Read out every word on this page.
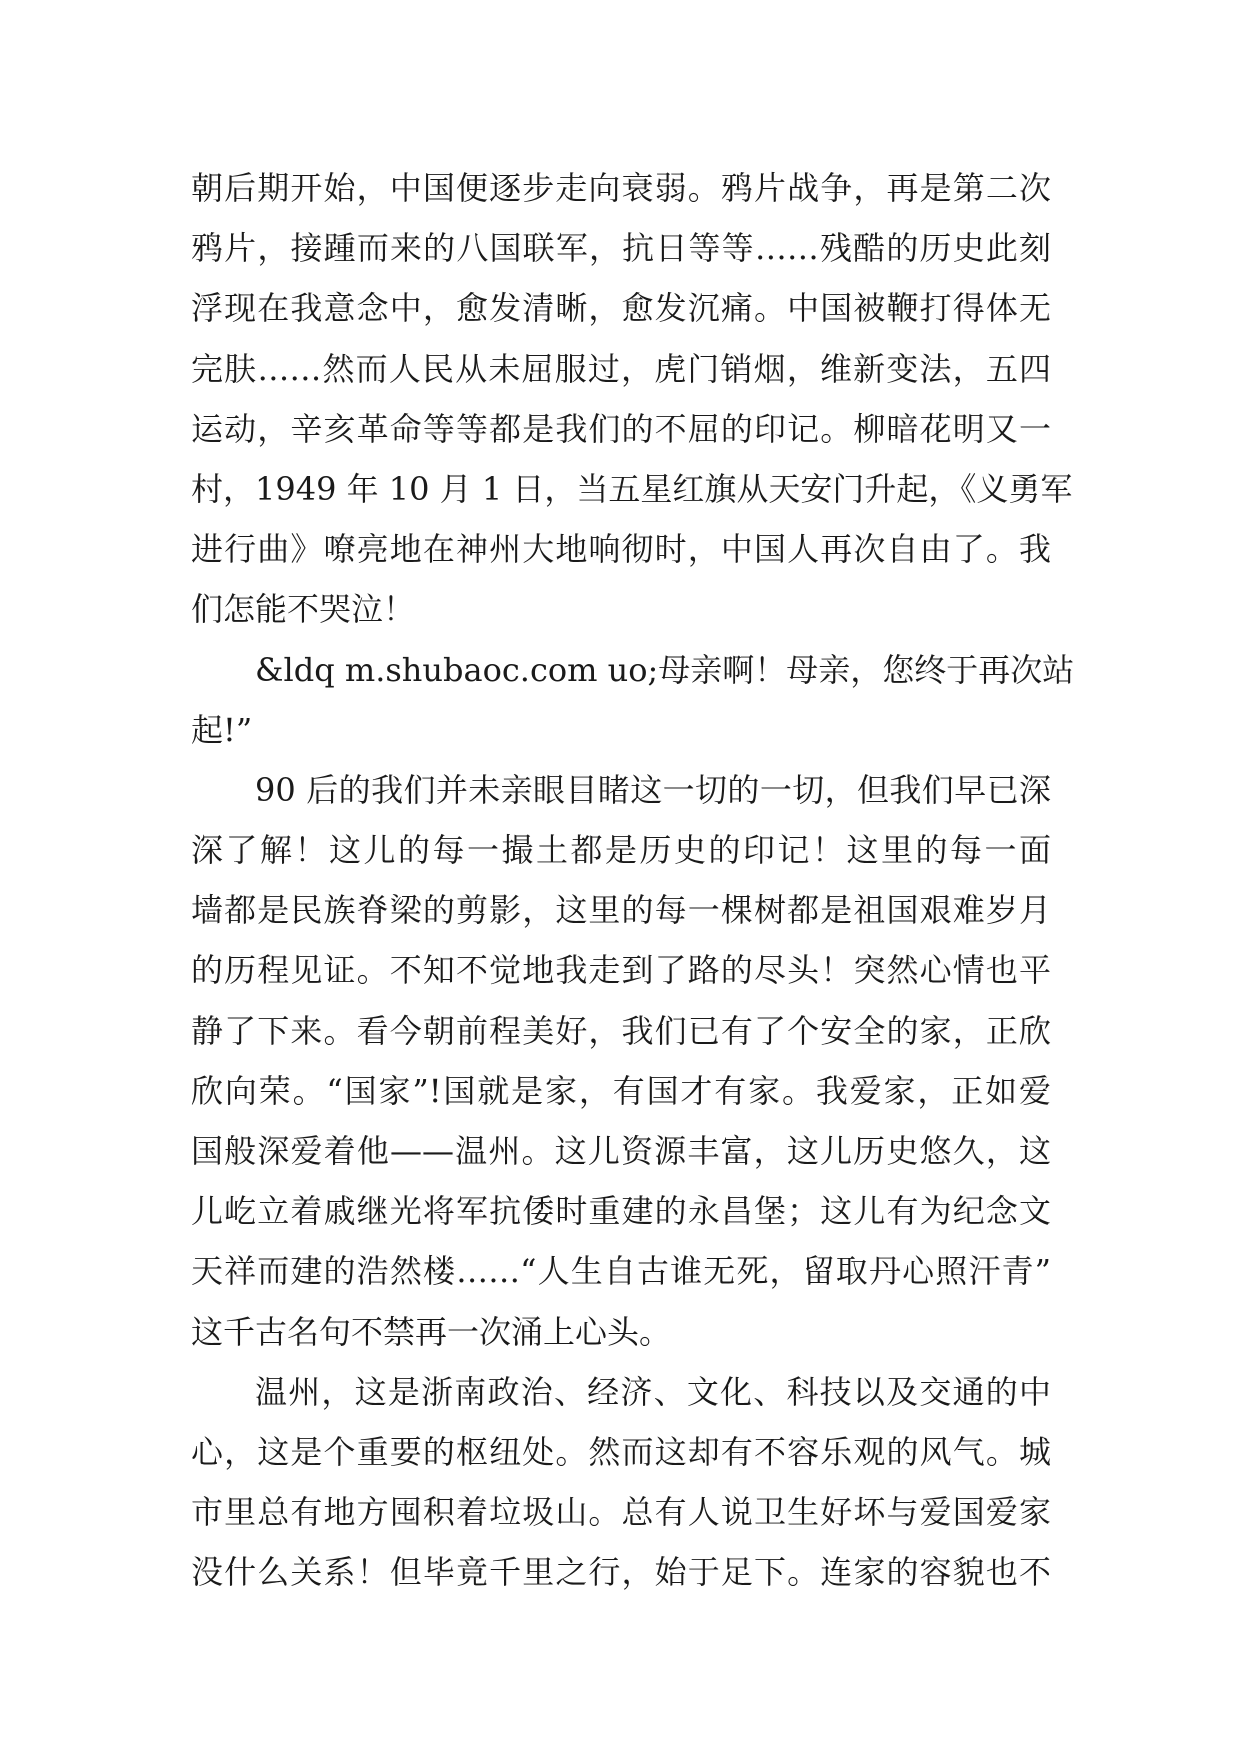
朝后期开始，中国便逐步走向衰弱。鸦片战争，再是第二次
鸦片，接踵而来的八国联军，抗日等等……残酷的历史此刻
浮现在我意念中，愈发清晰，愈发沉痛。中国被鞭打得体无
完肤……然而人民从未屈服过，虎门销烟，维新变法，五四
运动，辛亥革命等等都是我们的不屈的印记。柳暗花明又一
村，1949 年 10 月 1 日，当五星红旗从天安门升起，《义勇军
进行曲》嘹亮地在神州大地响彻时，中国人再次自由了。我
们怎能不哭泣！
&ldq m.shubaoc.com uo;母亲啊！母亲，您终于再次站
起!”
90 后的我们并未亲眼目睹这一切的一切，但我们早已深
深了解！这儿的每一撮土都是历史的印记！这里的每一面
墙都是民族脊梁的剪影，这里的每一棵树都是祖国艰难岁月
的历程见证。不知不觉地我走到了路的尽头！突然心情也平
静了下来。看今朝前程美好，我们已有了个安全的家，正欣
欣向荣。“国家”!国就是家，有国才有家。我爱家，正如爱
国般深爱着他——温州。这儿资源丰富，这儿历史悠久，这
儿屹立着戚继光将军抗倭时重建的永昌堡；这儿有为纪念文
天祥而建的浩然楼……“人生自古谁无死，留取丹心照汗青”
这千古名句不禁再一次涌上心头。
温州，这是浙南政治、经济、文化、科技以及交通的中
心，这是个重要的枢纽处。然而这却有不容乐观的风气。城
市里总有地方囤积着垃圾山。总有人说卫生好坏与爱国爱家
没什么关系！但毕竟千里之行，始于足下。连家的容貌也不
